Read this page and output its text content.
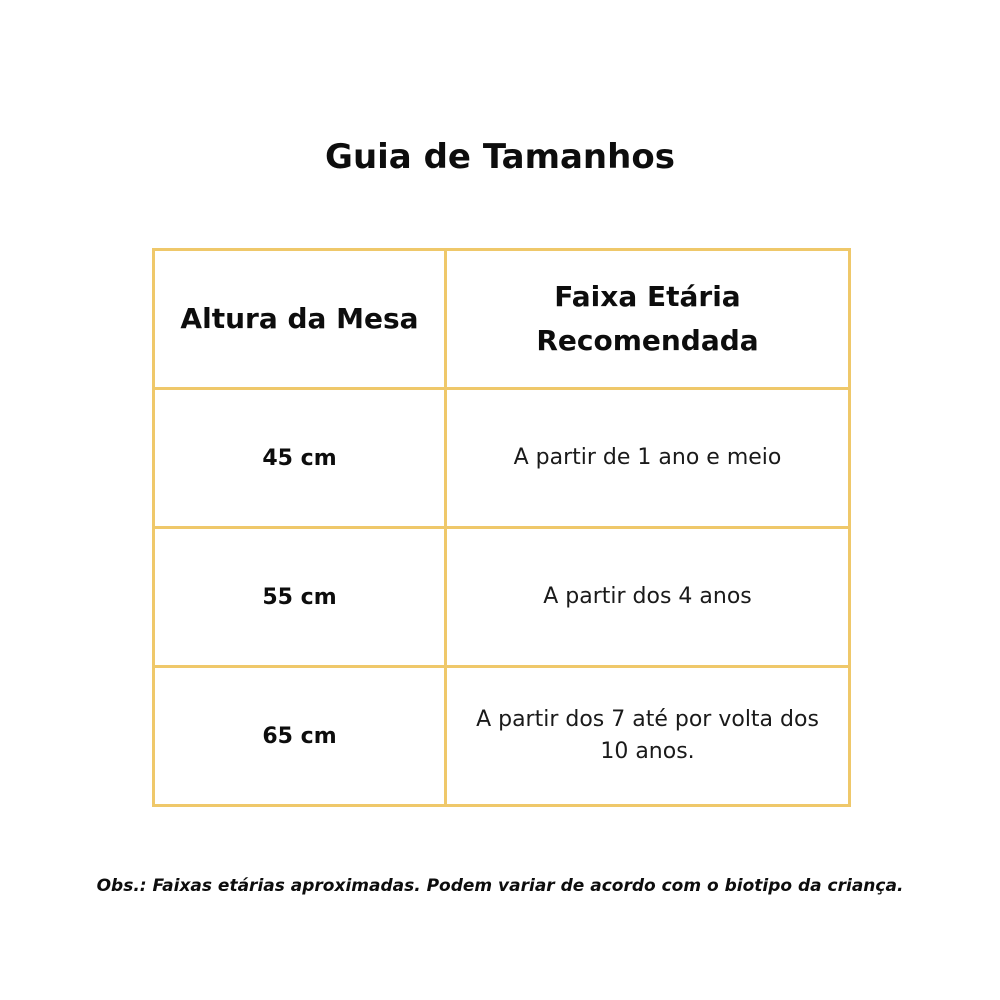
Guia de Tamanhos
Altura da Mesa	Faixa Etária
Recomendada
45 cm	A partir de 1 ano e meio
55 cm	A partir dos 4 anos
65 cm	A partir dos 7 até por volta dos
10 anos.

Obs.: Faixas etárias aproximadas. Podem variar de acordo com o biotipo da criança.
